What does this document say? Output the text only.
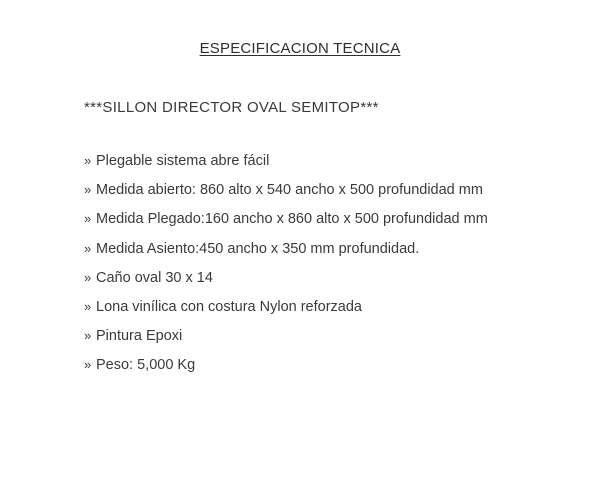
ESPECIFICACION TECNICA
***SILLON DIRECTOR OVAL SEMITOP***
» Plegable sistema abre fácil
» Medida abierto: 860 alto x 540 ancho x 500 profundidad mm
» Medida Plegado:160 ancho x 860 alto x 500 profundidad mm
» Medida Asiento:450 ancho x 350 mm profundidad.
» Caño oval 30 x 14
» Lona vinílica con costura Nylon reforzada
» Pintura Epoxi
» Peso: 5,000 Kg
